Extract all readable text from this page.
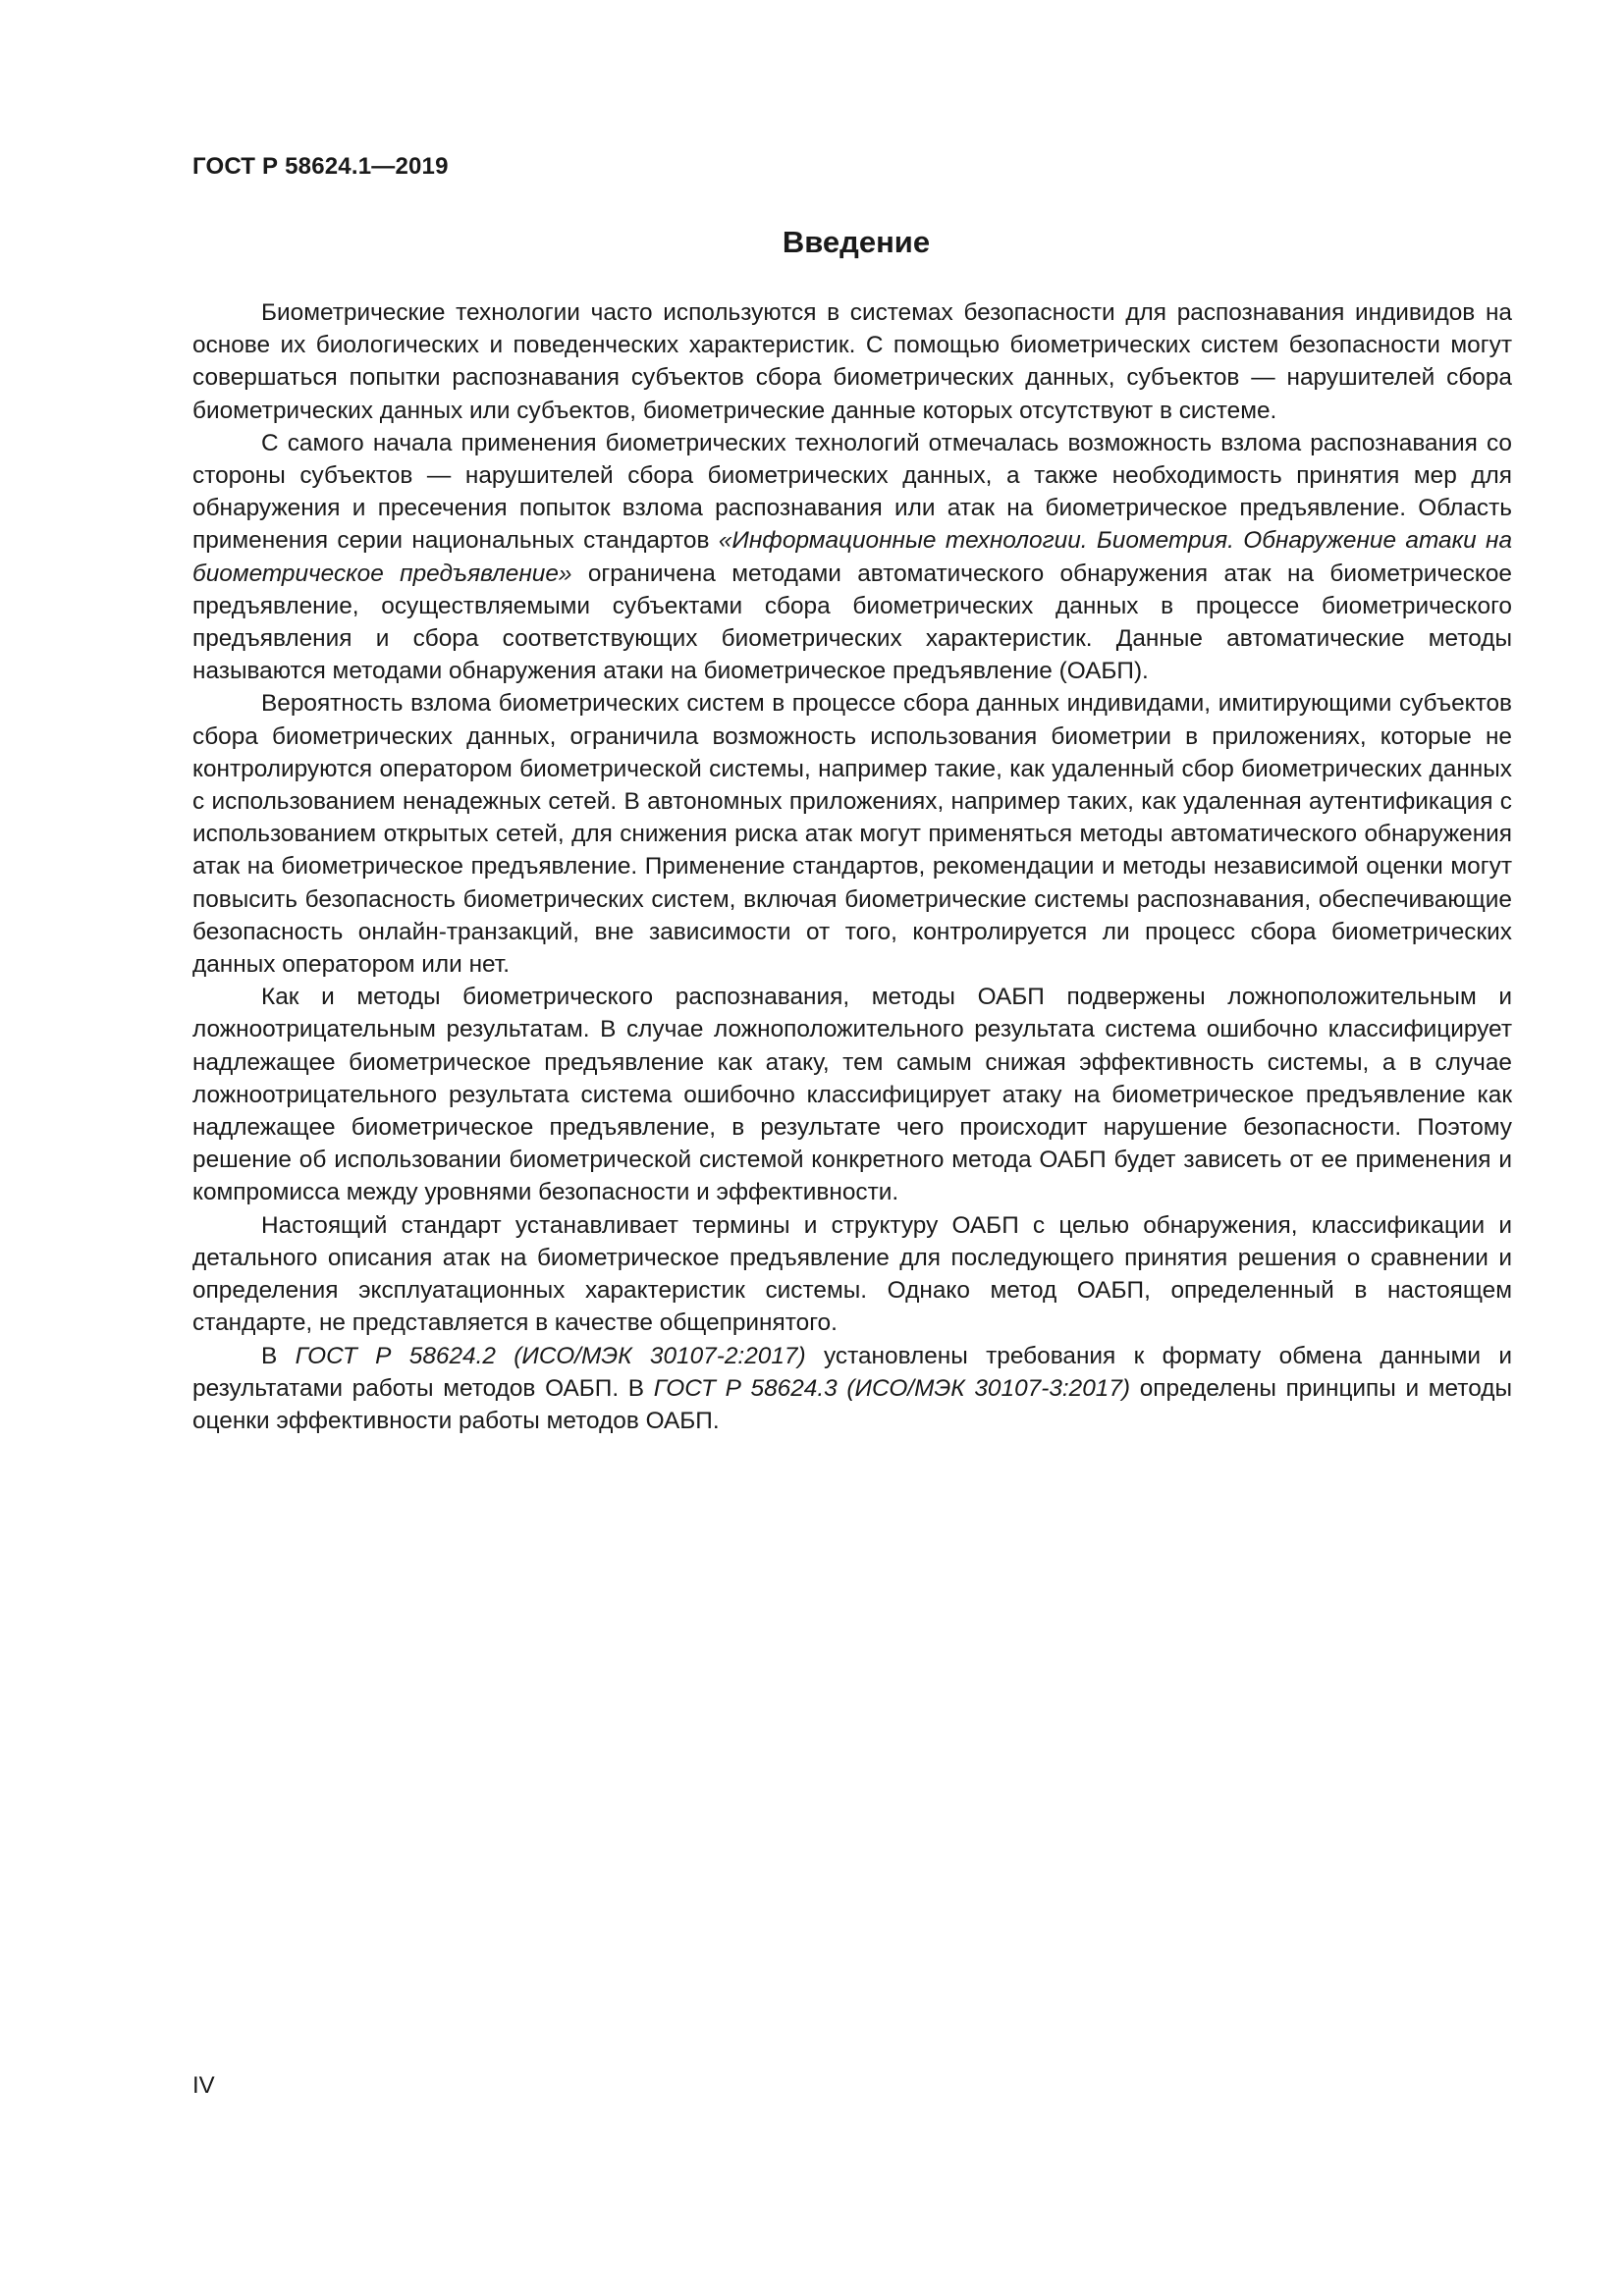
ГОСТ Р 58624.1—2019

Введение

Биометрические технологии часто используются в системах безопасности для распознавания индивидов на основе их биологических и поведенческих характеристик. С помощью биометрических систем безопасности могут совершаться попытки распознавания субъектов сбора биометрических данных, субъектов — нарушителей сбора биометрических данных или субъектов, биометрические данные которых отсутствуют в системе.

С самого начала применения биометрических технологий отмечалась возможность взлома распознавания со стороны субъектов — нарушителей сбора биометрических данных, а также необходимость принятия мер для обнаружения и пресечения попыток взлома распознавания или атак на биометрическое предъявление. Область применения серии национальных стандартов «Информационные технологии. Биометрия. Обнаружение атаки на биометрическое предъявление» ограничена методами автоматического обнаружения атак на биометрическое предъявление, осуществляемыми субъектами сбора биометрических данных в процессе биометрического предъявления и сбора соответствующих биометрических характеристик. Данные автоматические методы называются методами обнаружения атаки на биометрическое предъявление (ОАБП).

Вероятность взлома биометрических систем в процессе сбора данных индивидами, имитирующими субъектов сбора биометрических данных, ограничила возможность использования биометрии в приложениях, которые не контролируются оператором биометрической системы, например такие, как удаленный сбор биометрических данных с использованием ненадежных сетей. В автономных приложениях, например таких, как удаленная аутентификация с использованием открытых сетей, для снижения риска атак могут применяться методы автоматического обнаружения атак на биометрическое предъявление. Применение стандартов, рекомендации и методы независимой оценки могут повысить безопасность биометрических систем, включая биометрические системы распознавания, обеспечивающие безопасность онлайн-транзакций, вне зависимости от того, контролируется ли процесс сбора биометрических данных оператором или нет.

Как и методы биометрического распознавания, методы ОАБП подвержены ложноположительным и ложноотрицательным результатам. В случае ложноположительного результата система ошибочно классифицирует надлежащее биометрическое предъявление как атаку, тем самым снижая эффективность системы, а в случае ложноотрицательного результата система ошибочно классифицирует атаку на биометрическое предъявление как надлежащее биометрическое предъявление, в результате чего происходит нарушение безопасности. Поэтому решение об использовании биометрической системой конкретного метода ОАБП будет зависеть от ее применения и компромисса между уровнями безопасности и эффективности.

Настоящий стандарт устанавливает термины и структуру ОАБП с целью обнаружения, классификации и детального описания атак на биометрическое предъявление для последующего принятия решения о сравнении и определения эксплуатационных характеристик системы. Однако метод ОАБП, определенный в настоящем стандарте, не представляется в качестве общепринятого.

В ГОСТ Р 58624.2 (ИСО/МЭК 30107-2:2017) установлены требования к формату обмена данными и результатами работы методов ОАБП. В ГОСТ Р 58624.3 (ИСО/МЭК 30107-3:2017) определены принципы и методы оценки эффективности работы методов ОАБП.

IV
